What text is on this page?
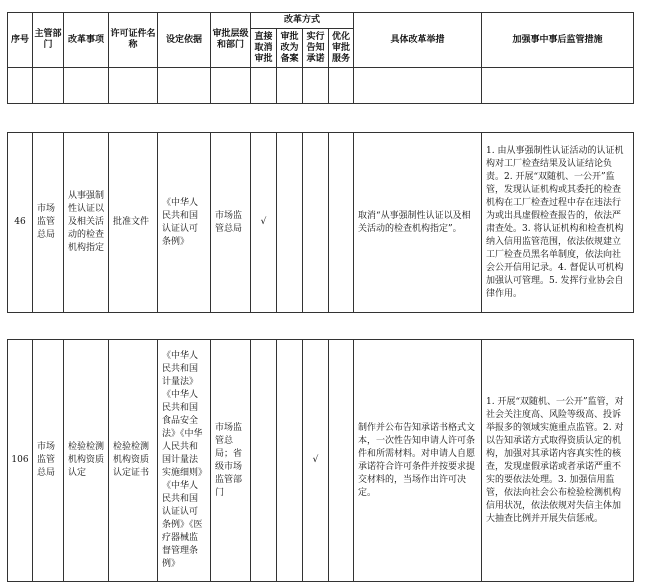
序号	主管部门	改革事项	许可证件名称	设定依据	审批层级和部门	改革方式				具体改革举措	加强事中事后监管措施
						直接取消审批	审批改为备案	实行告知承诺	优化审批服务		

46	市场监管总局	从事强制性认证以及相关活动的检查机构指定	批准文件	《中华人民共和国认证认可条例》	市场监管总局	√				取消“从事强制性认证以及相关活动的检查机构指定”。	1. 由从事强制性认证活动的认证机构对工厂检查结果及认证结论负责。2. 开展“双随机、一公开”监管，发现认证机构或其委托的检查机构在工厂检查过程中存在违法行为或出具虚假检查报告的，依法严肃查处。3. 将认证机构和检查机构纳入信用监管范围，依法依规建立工厂检查员黑名单制度，依法向社会公开信用记录。4. 督促认可机构加强认可管理。5. 发挥行业协会自律作用。
106	市场监管总局	检验检测机构资质认定	检验检测机构资质认定证书	《中华人民共和国计量法》《中华人民共和国食品安全法》《中华人民共和国计量法实施细则》《中华人民共和国认证认可条例》《医疗器械监督管理条例》	市场监管总局；省级市场监管部门			√		制作并公布告知承诺书格式文本，一次性告知申请人许可条件和所需材料。对申请人自愿承诺符合许可条件并按要求提交材料的，当场作出许可决定。	1. 开展“双随机、一公开”监管，对社会关注度高、风险等级高、投诉举报多的领域实施重点监管。2. 对以告知承诺方式取得资质认定的机构，加强对其承诺内容真实性的核查，发现虚假承诺或者承诺严重不实的要依法处理。3. 加强信用监管，依法向社会公布检验检测机构信用状况，依法依规对失信主体加大抽查比例并开展失信惩戒。
